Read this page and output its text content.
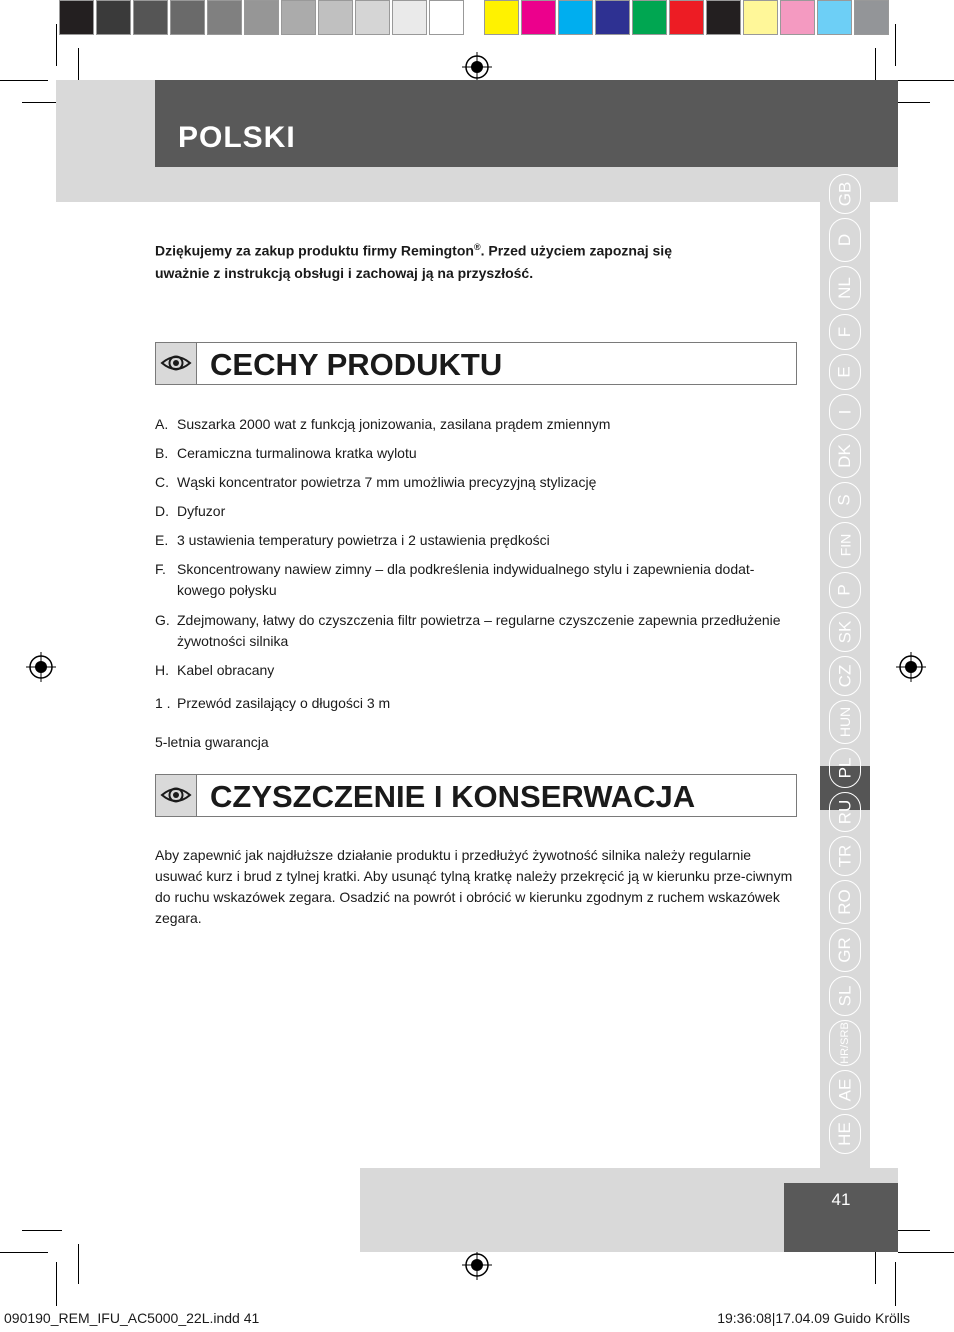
POLSKI
GB
D
NL
F
E
I
DK
S
FIN
P
SK
CZ
HUN
PL
RU
TR
RO
GR
SL
HR/SRB
AE
HE
Dziękujemy za zakup produktu firmy Remington®. Przed użyciem zapoznaj się
uważnie z instrukcją obsługi i zachowaj ją na przyszłość.
CECHY PRODUKTU
A. Suszarka 2000 wat z funkcją jonizowania, zasilana prądem zmiennym
B. Ceramiczna turmalinowa kratka wylotu
C. Wąski koncentrator powietrza 7 mm umożliwia precyzyjną stylizację
D. Dyfuzor
E. 3 ustawienia temperatury powietrza i 2 ustawienia prędkości
F. Skoncentrowany nawiew zimny – dla podkreślenia indywidualnego stylu i zapewnienia dodat-kowego połysku
G. Zdejmowany, łatwy do czyszczenia filtr powietrza – regularne czyszczenie zapewnia przedłużenie żywotności silnika
H. Kabel obracany
1 . Przewód zasilający o długości 3 m
5-letnia gwarancja
CZYSZCZENIE I KONSERWACJA
Aby zapewnić jak najdłuższe działanie produktu i przedłużyć żywotność silnika należy regularnie usuwać kurz i brud z tylnej kratki. Aby usunąć tylną kratkę należy przekręcić ją w kierunku prze-ciwnym do ruchu wskazówek zegara. Osadzić na powrót i obrócić w kierunku zgodnym z ruchem wskazówek zegara.
41
090190_REM_IFU_AC5000_22L.indd 41	19:36:08|17.04.09 Guido Krölls
